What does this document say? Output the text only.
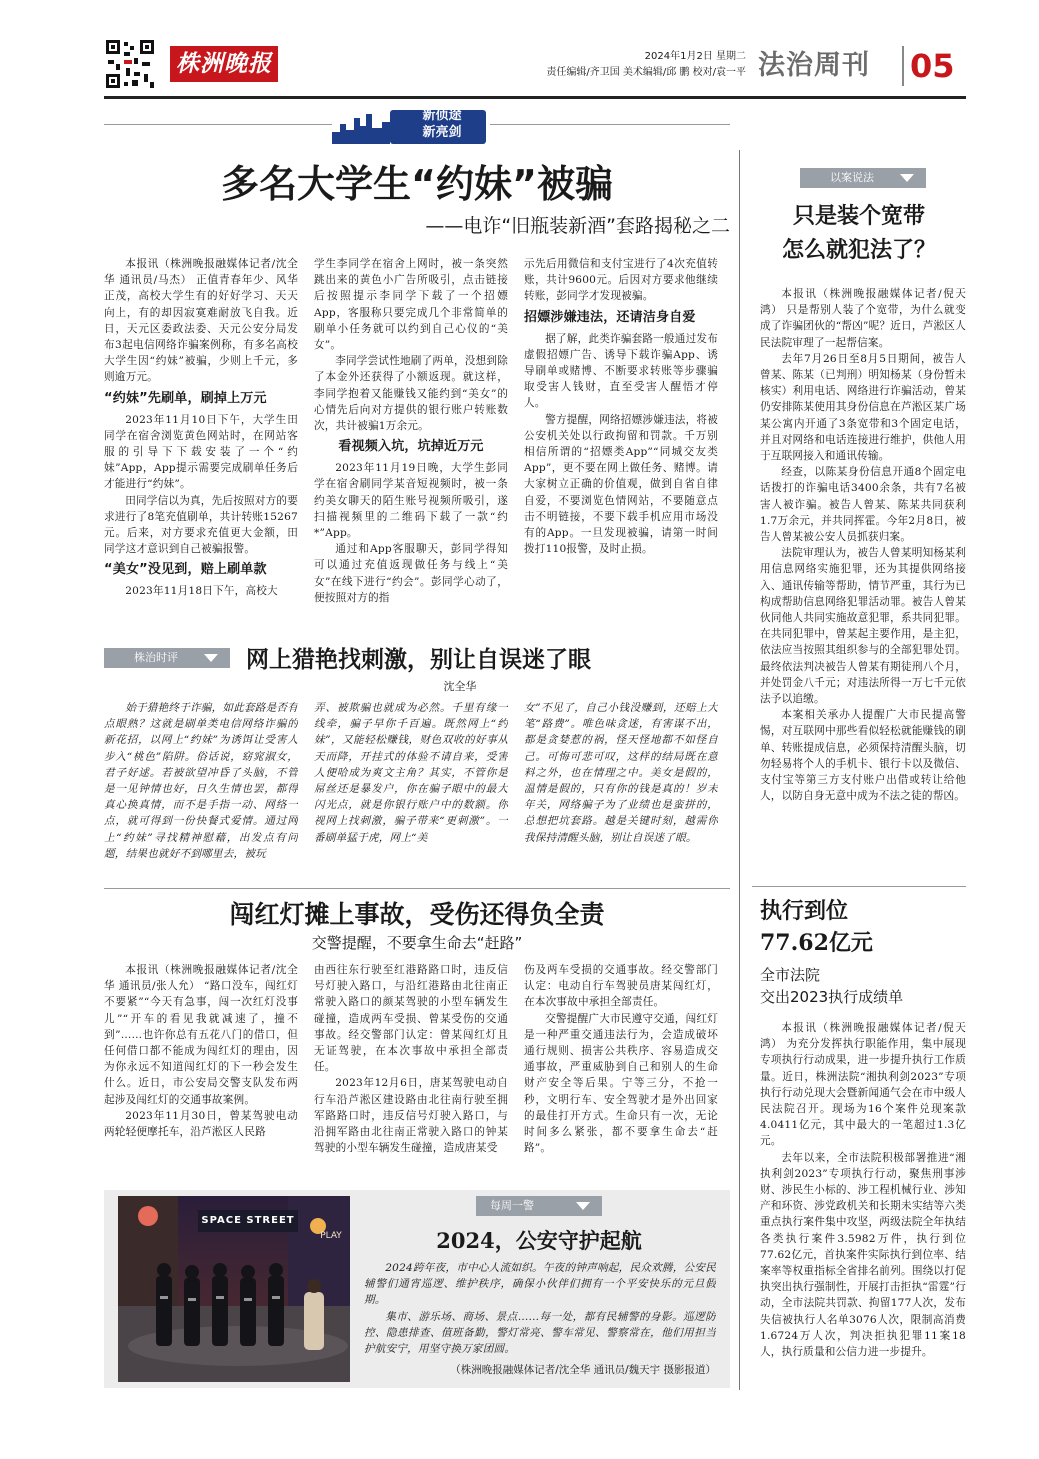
株洲晚报	2024年1月2日 星期二
责任编辑/齐卫国 美术编辑/邱 鹏 校对/袁一平 法治周刊	05
新侦途
新亮剑
多名大学生“约妹”被骗
——电诈“旧瓶装新酒”套路揭秘之二

本报讯（株洲晚报融媒体记者/沈全华 通讯员/马杰） 正值青春年少、风华正茂，高校大学生有的好好学习、天天向上，有的却因寂寞难耐放飞自我。近日，天元区委政法委、天元公安分局发布3起电信网络诈骗案例称，有多名高校大学生因“约妹”被骗，少则上千元，多则逾万元。

“约妹”先刷单，刷掉上万元

2023年11月10日下午，大学生田同学在宿舍浏览黄色网站时，在网站客服的引导下下载安装了一个“约妹”App，App提示需要完成刷单任务后才能进行“约妹”。

田同学信以为真，先后按照对方的要求进行了8笔充值刷单，共计转账15267元。后来，对方要求充值更大金额，田同学这才意识到自己被骗报警。

“美女”没见到，赔上刷单款

2023年11月18日下午，高校大

学生李同学在宿舍上网时，被一条突然跳出来的黄色小广告所吸引，点击链接后按照提示李同学下载了一个招嫖App，客服称只要完成几个非常简单的刷单小任务就可以约到自己心仪的“美女”。

李同学尝试性地刷了两单，没想到除了本金外还获得了小额返现。就这样，李同学抱着又能赚钱又能约到“美女”的心情先后向对方提供的银行账户转账数次，共计被骗1万余元。

看视频入坑，坑掉近万元

2023年11月19日晚，大学生彭同学在宿舍刷同学某音短视频时，被一条约美女聊天的陌生账号视频所吸引，遂扫描视频里的二维码下载了一款“约*”App。

通过和App客服聊天，彭同学得知可以通过充值返现做任务与线上“美女”在线下进行“约会”。彭同学心动了，便按照对方的指

示先后用微信和支付宝进行了4次充值转账，共计9600元。后因对方要求他继续转账，彭同学才发现被骗。

招嫖涉嫌违法，还请洁身自爱

据了解，此类诈骗套路一般通过发布虚假招嫖广告、诱导下载诈骗App、诱导刷单或赌博、不断要求转账等步骤骗取受害人钱财，直至受害人醒悟才停人。

警方提醒，网络招嫖涉嫌违法，将被公安机关处以行政拘留和罚款。千万别相信所谓的“招嫖类App”“同城交友类App”，更不要在网上做任务、赌博。请大家树立正确的价值观，做到自省自律自爱，不要浏览色情网站，不要随意点击不明链接，不要下载手机应用市场没有的App。一旦发现被骗，请第一时间拨打110报警，及时止损。

株治时评	网上猎艳找刺激，别让自误迷了眼
沈全华

始于猎艳终于诈骗，如此套路是否有点眼熟？这就是刷单类电信网络诈骗的新花招，以网上“约妹”为诱饵让受害人步入“桃色”陷阱。俗话说，窈窕淑女，君子好逑。若被欲望冲昏了头脑，不管是一见钟情也好，日久生情也罢，都得真心换真情，而不是手指一动、网络一点，就可得到一份快餐式爱情。通过网上“约妹”寻找精神慰藉，出发点有问题，结果也就好不到哪里去，被玩

弄、被欺骗也就成为必然。千里有缘一线牵，骗子早你千百遍。既然网上“约妹”，又能轻松赚钱，财色双收的好事从天而降，开挂式的体验不请自来，受害人便哈成为爽文主角？其实，不管你是屌丝还是暴发户，你在骗子眼中的最大闪光点，就是你银行账户中的数额。你视网上找刺激，骗子带来“更刺激”。一番刷单猛于虎，网上“美

女”不见了，自己小钱没赚到，还赔上大笔“路费”。唯色味贪迷，有害谋不出，都是贪婪惹的祸，怪天怪地都不如怪自己。可悔可悲可叹，这样的结局既在意料之外，也在情理之中。美女是假的，温情是假的，只有你的钱是真的！岁末年关，网络骗子为了业绩也是蛮拼的，总想把坑套路。越是关键时刻，越需你我保持清醒头脑，别让自误迷了眼。

闯红灯摊上事故，受伤还得负全责
交警提醒，不要拿生命去“赶路”

本报讯（株洲晚报融媒体记者/沈全华 通讯员/张人允） “路口没车，闯红灯不要紧”“今天有急事，闯一次红灯没事儿”“开车的看见我就减速了，撞不到”……也许你总有五花八门的借口，但任何借口都不能成为闯红灯的理由，因为你永远不知道闯红灯的下一秒会发生什么。近日，市公安局交警支队发布两起涉及闯红灯的交通事故案例。

2023年11月30日，曾某驾驶电动两轮轻便摩托车，沿芦淞区人民路

由西往东行驶至红港路路口时，违反信号灯驶入路口，与沿红港路由北往南正常驶入路口的颜某驾驶的小型车辆发生碰撞，造成两车受损、曾某受伤的交通事故。经交警部门认定：曾某闯红灯且无证驾驶，在本次事故中承担全部责任。

2023年12月6日，唐某驾驶电动自行车沿芦淞区建设路由北往南行驶至拥军路路口时，违反信号灯驶入路口，与沿拥军路由北往南正常驶入路口的钟某驾驶的小型车辆发生碰撞，造成唐某受

伤及两车受损的交通事故。经交警部门认定：电动自行车驾驶员唐某闯红灯，在本次事故中承担全部责任。

交警提醒广大市民遵守交通，闯红灯是一种严重交通违法行为，会造成破坏通行规则、损害公共秩序、容易造成交通事故，严重威胁到自己和别人的生命财产安全等后果。宁等三分，不抢一秒，文明行车、安全驾驶才是外出回家的最佳打开方式。生命只有一次，无论时间多么紧张，都不要拿生命去“赶路”。

SPACE STREET
PLAY
每周一警
2024，公安守护起航

2024跨年夜，市中心人流如织。午夜的钟声响起，民众欢腾，公安民辅警们通宵巡逻、维护秩序，确保小伙伴们拥有一个平安快乐的元旦假期。

集市、游乐场、商场、景点……每一处，都有民辅警的身影。巡逻防控、隐患排查、值班备勤，警灯常亮、警车常见、警察常在，他们用担当护航安宁，用坚守换万家团圆。

（株洲晚报融媒体记者/沈全华 通讯员/魏天宇 摄影报道）
以案说法
只是装个宽带
怎么就犯法了？

本报讯（株洲晚报融媒体记者/倪天鸿） 只是帮别人装了个宽带，为什么就变成了诈骗团伙的“帮凶”呢？近日，芦淞区人民法院审理了一起帮信案。

去年7月26日至8月5日期间，被告人曾某、陈某（已判刑）明知杨某（身份暂未核实）利用电话、网络进行诈骗活动，曾某仍安排陈某使用其身份信息在芦淞区某广场某公寓内开通了3条宽带和3个固定电话，并且对网络和电话连接进行维护，供他人用于互联网接入和通讯传输。

经查，以陈某身份信息开通8个固定电话拨打的诈骗电话3400余条，共有7名被害人被诈骗。被告人曾某、陈某共同获利1.7万余元，并共同挥霍。今年2月8日，被告人曾某被公安人员抓获归案。

法院审理认为，被告人曾某明知杨某利用信息网络实施犯罪，还为其提供网络接入、通讯传输等帮助，情节严重，其行为已构成帮助信息网络犯罪活动罪。被告人曾某伙同他人共同实施故意犯罪，系共同犯罪。在共同犯罪中，曾某起主要作用，是主犯，依法应当按照其组织参与的全部犯罪处罚。最终依法判决被告人曾某有期徒刑八个月，并处罚金八千元；对违法所得一万七千元依法予以追缴。

本案相关承办人提醒广大市民提高警惕，对互联网中那些看似轻松就能赚钱的刷单、转账提成信息，必须保持清醒头脑，切勿轻易将个人的手机卡、银行卡以及微信、支付宝等第三方支付账户出借或转让给他人，以防自身无意中成为不法之徒的帮凶。

执行到位
77.62亿元
全市法院
交出2023执行成绩单

本报讯（株洲晚报融媒体记者/倪天鸿） 为充分发挥执行职能作用，集中展现专项执行行动成果，进一步提升执行工作质量。近日，株洲法院“湘执利剑2023”专项执行行动兑现大会暨新闻通气会在市中级人民法院召开。现场为16个案件兑现案款4.0411亿元，其中最大的一笔超过1.3亿元。

去年以来，全市法院积极部署推进“湘执利剑2023”专项执行行动，聚焦刑事涉财、涉民生小标的、涉工程机械行业、涉知产和环资、涉党政机关和长期未实结等六类重点执行案件集中攻坚，两级法院全年执结各类执行案件3.5982万件，执行到位77.62亿元，首执案件实际执行到位率、结案率等权重指标全省排名前列。围绕以打促执突出执行强制性，开展打击拒执“雷霆”行动，全市法院共罚款、拘留177人次，发布失信被执行人名单3076人次，限制高消费1.6724万人次，判决拒执犯罪11案18人，执行质量和公信力进一步提升。
